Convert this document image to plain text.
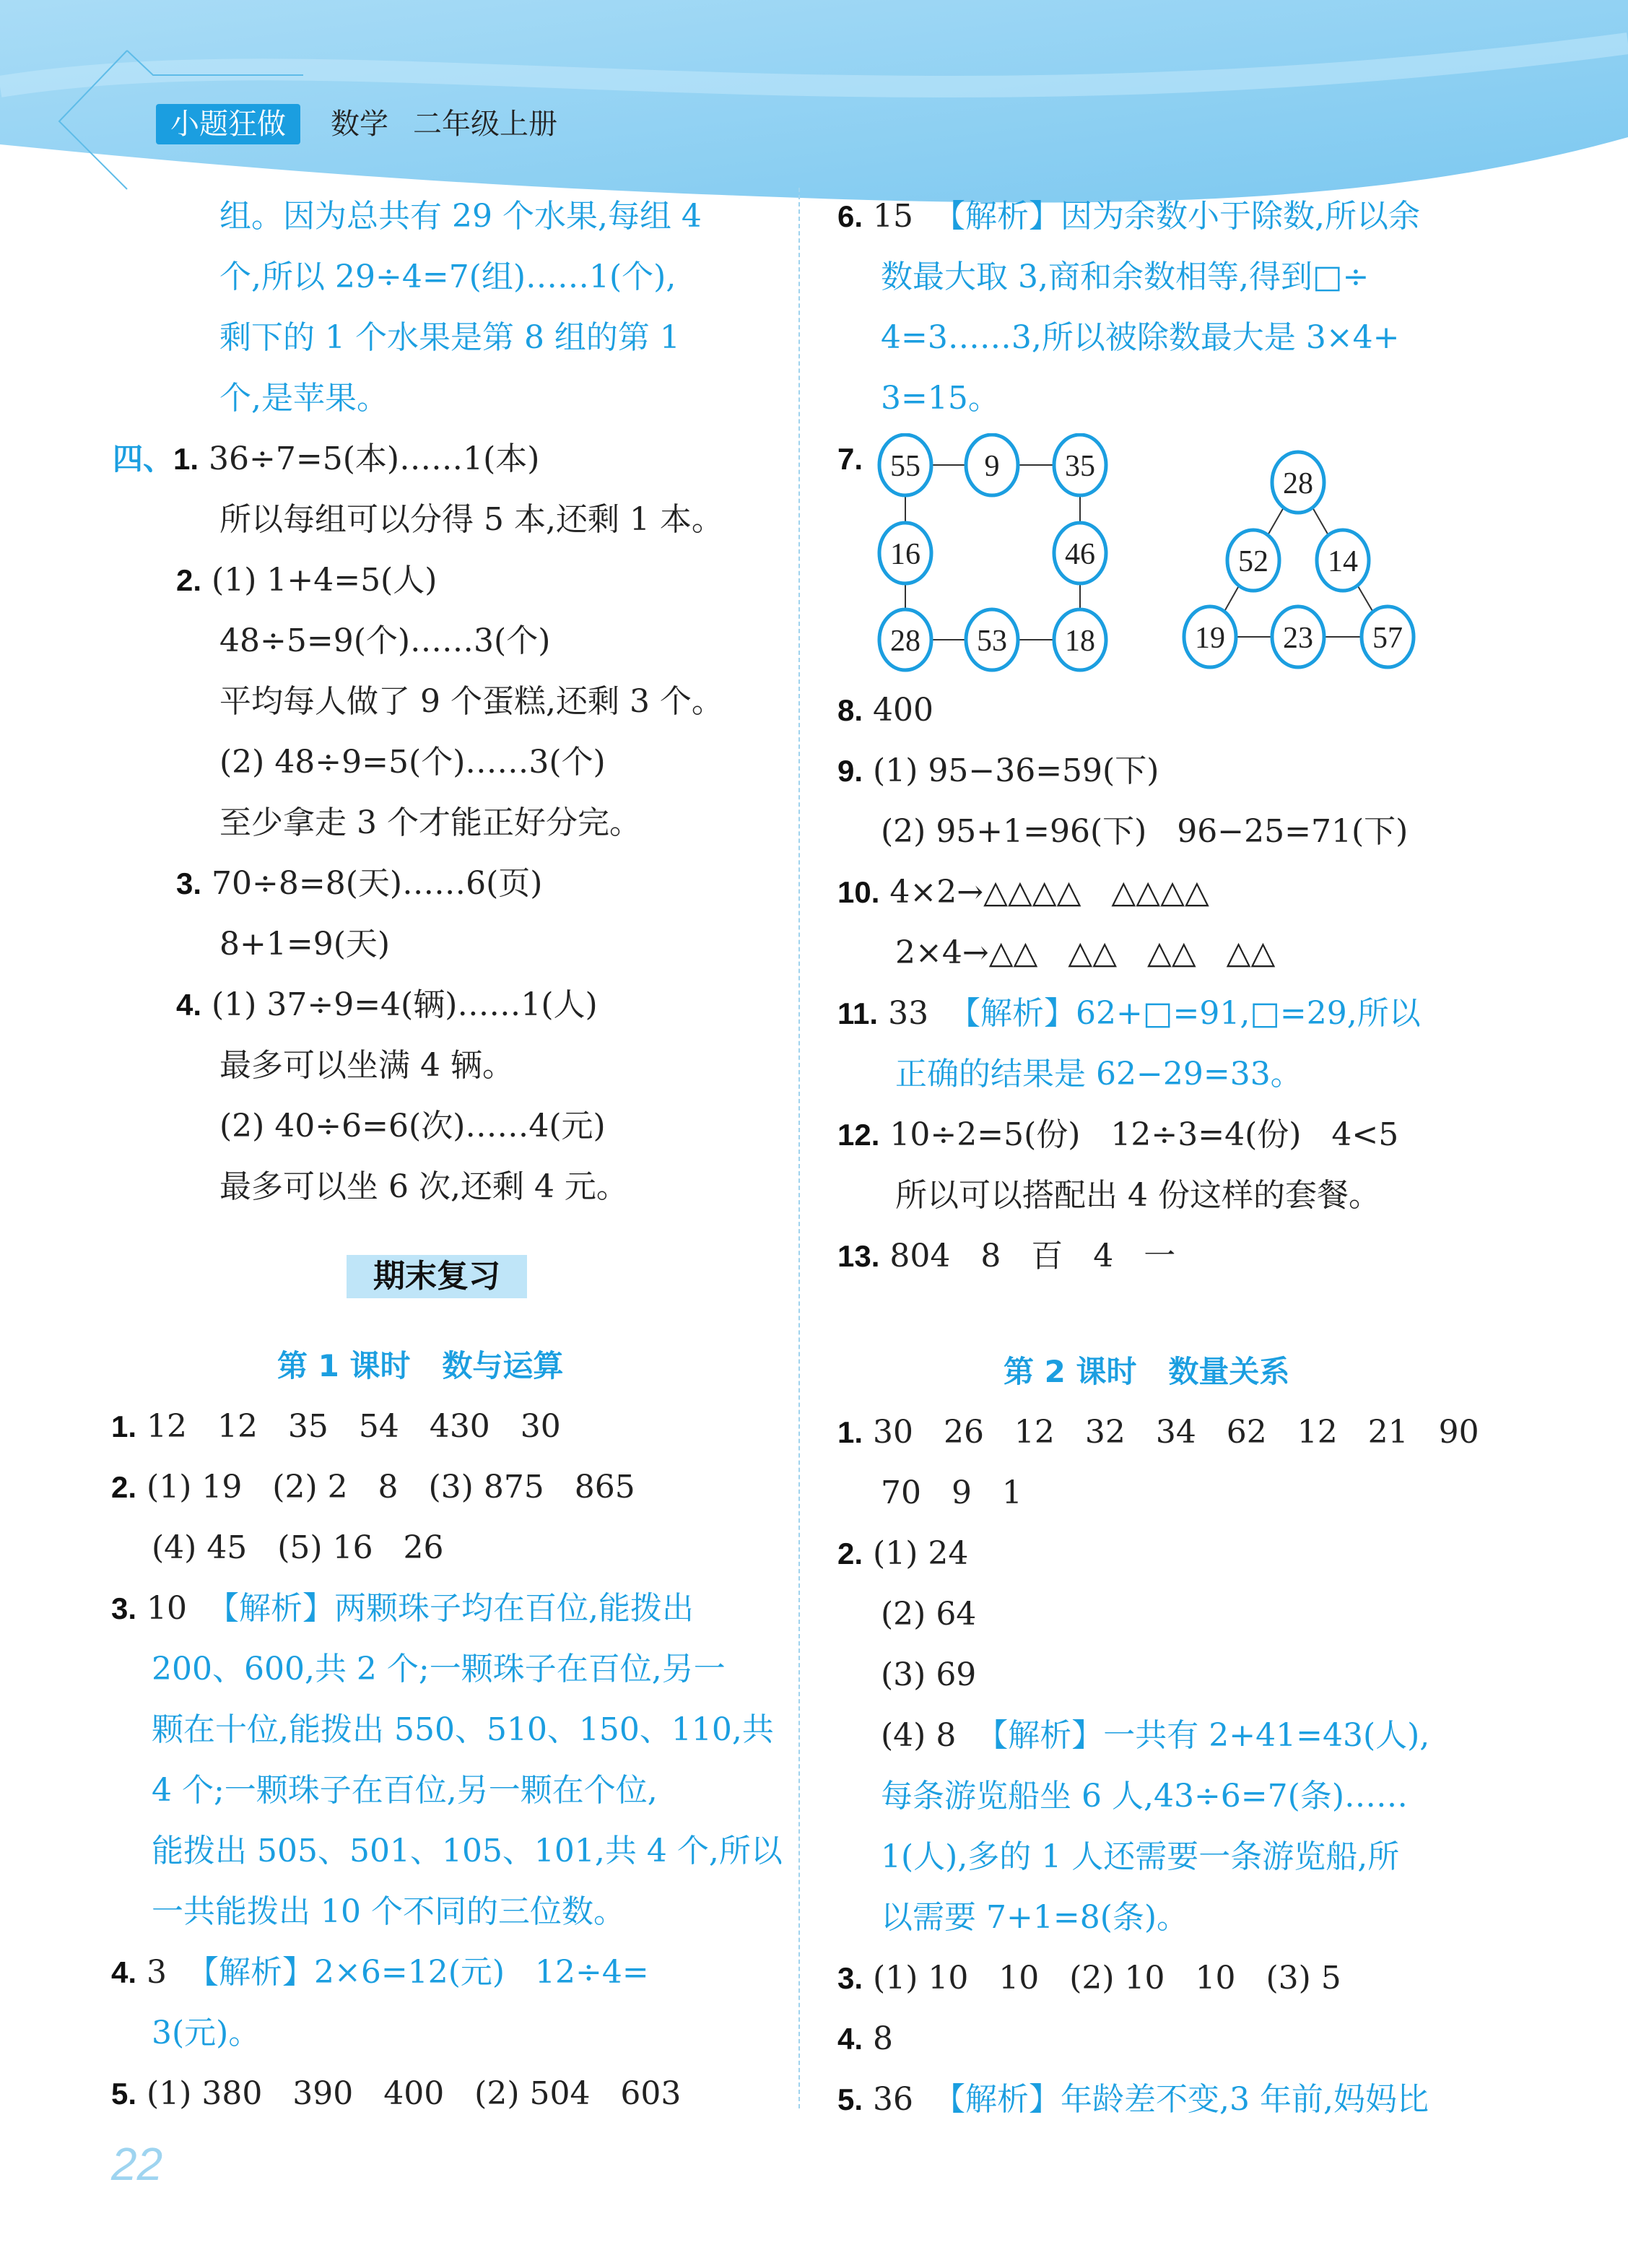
小题狂做	数学 二年级上册
组。因为总共有 29 个水果,每组 4
个,所以 29÷4=7(组)……1(个),
剩下的 1 个水果是第 8 组的第 1
个,是苹果。
四、1. 36÷7=5(本)……1(本)
所以每组可以分得 5 本,还剩 1 本。
2. (1) 1+4=5(人)
48÷5=9(个)……3(个)
平均每人做了 9 个蛋糕,还剩 3 个。
(2) 48÷9=5(个)……3(个)
至少拿走 3 个才能正好分完。
3. 70÷8=8(天)……6(页)
8+1=9(天)
4. (1) 37÷9=4(辆)……1(人)
最多可以坐满 4 辆。
(2) 40÷6=6(次)……4(元)
最多可以坐 6 次,还剩 4 元。
期末复习
第 1 课时   数与运算
1. 12   12   35   54   430   30
2. (1) 19   (2) 2   8   (3) 875   865
(4) 45   (5) 16   26
3. 10  【解析】两颗珠子均在百位,能拨出
200、600,共 2 个;一颗珠子在百位,另一
颗在十位,能拨出 550、510、150、110,共
4 个;一颗珠子在百位,另一颗在个位,
能拨出 505、501、105、101,共 4 个,所以
一共能拨出 10 个不同的三位数。
4. 3  【解析】2×6=12(元)   12÷4=
3(元)。
5. (1) 380   390   400   (2) 504   603
6. 15  【解析】因为余数小于除数,所以余
数最大取 3,商和余数相等,得到□÷
4=3……3,所以被除数最大是 3×4+
3=15。
7. 55 9 35
16	46
28 53 18
28
52 14
19 23 57
8. 400
9. (1) 95−36=59(下)
(2) 95+1=96(下)   96−25=71(下)
10. 4×2→△△△△   △△△△
2×4→△△   △△   △△   △△
11. 33  【解析】62+□=91,□=29,所以
正确的结果是 62−29=33。
12. 10÷2=5(份)   12÷3=4(份)   4<5
所以可以搭配出 4 份这样的套餐。
13. 804   8   百   4   一
第 2 课时   数量关系
1. 30   26   12   32   34   62   12   21   90
70   9   1
2. (1) 24
(2) 64
(3) 69
(4) 8  【解析】一共有 2+41=43(人),
每条游览船坐 6 人,43÷6=7(条)……
1(人),多的 1 人还需要一条游览船,所
以需要 7+1=8(条)。
3. (1) 10   10   (2) 10   10   (3) 5
4. 8
5. 36  【解析】年龄差不变,3 年前,妈妈比
22
